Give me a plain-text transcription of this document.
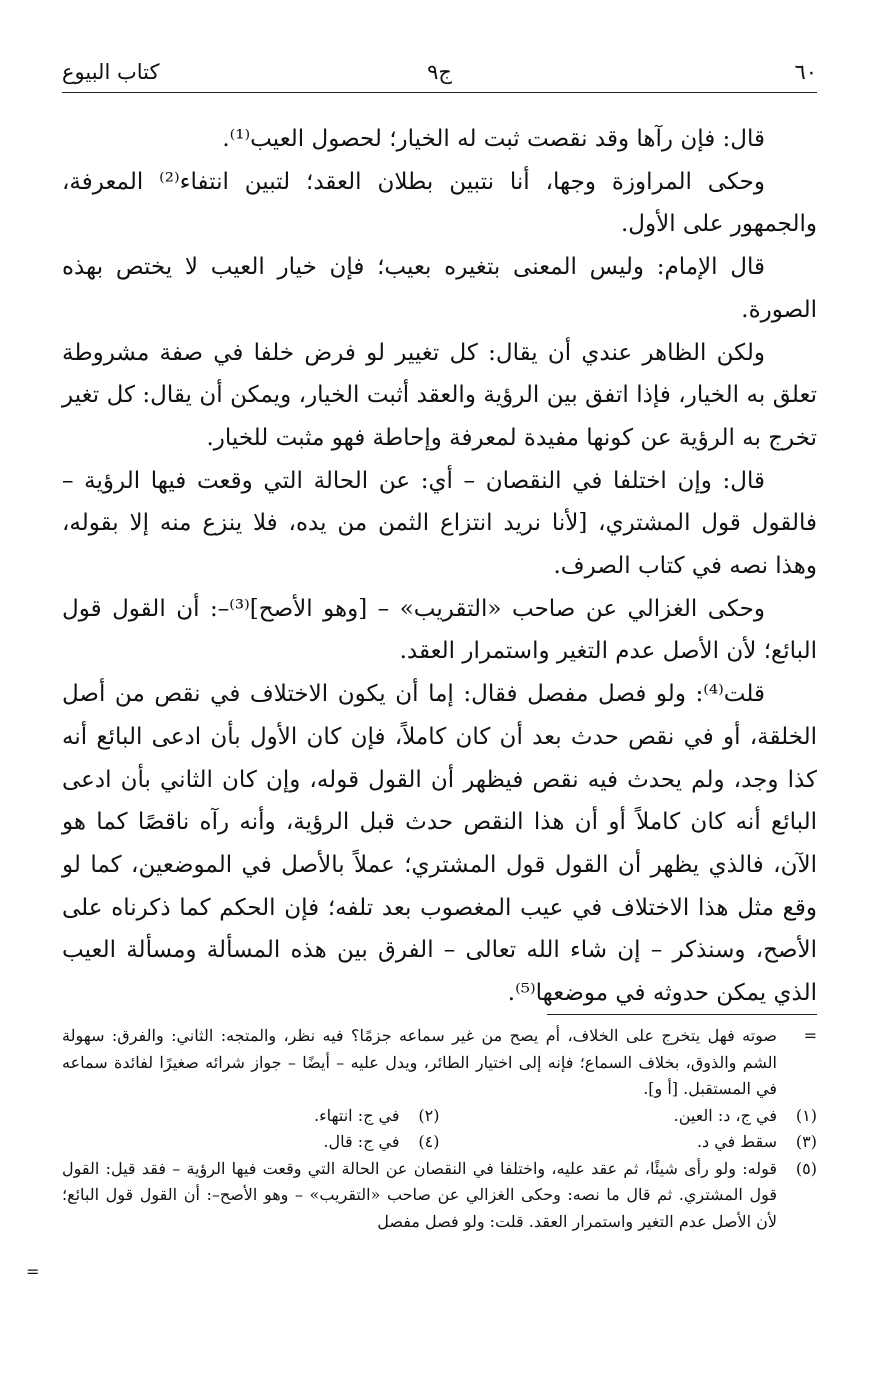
٦٠
ج٩
كتاب البيوع

قال: فإن رآها وقد نقصت ثبت له الخيار؛ لحصول العيب⁽¹⁾.

وحكى المراوزة وجها، أنا نتبين بطلان العقد؛ لتبين انتفاء⁽²⁾ المعرفة، والجمهور على الأول.

قال الإمام: وليس المعنى بتغيره بعيب؛ فإن خيار العيب لا يختص بهذه الصورة.

ولكن الظاهر عندي أن يقال: كل تغيير لو فرض خلفا في صفة مشروطة تعلق به الخيار، فإذا اتفق بين الرؤية والعقد أثبت الخيار، ويمكن أن يقال: كل تغير تخرج به الرؤية عن كونها مفيدة لمعرفة وإحاطة فهو مثبت للخيار.

قال: وإن اختلفا في النقصان – أي: عن الحالة التي وقعت فيها الرؤية – فالقول قول المشتري، [لأنا نريد انتزاع الثمن من يده، فلا ينزع منه إلا بقوله، وهذا نصه في كتاب الصرف.

وحكى الغزالي عن صاحب «التقريب» – [وهو الأصح]⁽³⁾–: أن القول قول البائع؛ لأن الأصل عدم التغير واستمرار العقد.

قلت⁽⁴⁾: ولو فصل مفصل فقال: إما أن يكون الاختلاف في نقص من أصل الخلقة، أو في نقص حدث بعد أن كان كاملاً، فإن كان الأول بأن ادعى البائع أنه كذا وجد، ولم يحدث فيه نقص فيظهر أن القول قوله، وإن كان الثاني بأن ادعى البائع أنه كان كاملاً أو أن هذا النقص حدث قبل الرؤية، وأنه رآه ناقصًا كما هو الآن، فالذي يظهر أن القول قول المشتري؛ عملاً بالأصل في الموضعين، كما لو وقع مثل هذا الاختلاف في عيب المغصوب بعد تلفه؛ فإن الحكم كما ذكرناه على الأصح، وسنذكر – إن شاء الله تعالى – الفرق بين هذه المسألة ومسألة العيب الذي يمكن حدوثه في موضعها⁽⁵⁾.

=
صوته فهل يتخرج على الخلاف، أم يصح من غير سماعه جزمًا؟ فيه نظر، والمتجه: الثاني: والفرق: سهولة الشم والذوق، بخلاف السماع؛ فإنه إلى اختيار الطائر، ويدل عليه – أيضًا – جواز شرائه صغيرًا لفائدة سماعه في المستقبل. [أ و].
(١)
في ج، د: العين.
(٢)
في ج: انتهاء.
(٣)
سقط في د.
(٤)
في ج: قال.
(٥)
قوله: ولو رأى شيئًا، ثم عقد عليه، واختلفا في النقصان عن الحالة التي وقعت فيها الرؤية – فقد قيل: القول قول المشتري. ثم قال ما نصه: وحكى الغزالي عن صاحب «التقريب» – وهو الأصح–: أن القول قول البائع؛ لأن الأصل عدم التغير واستمرار العقد. قلت: ولو فصل مفصل
=
